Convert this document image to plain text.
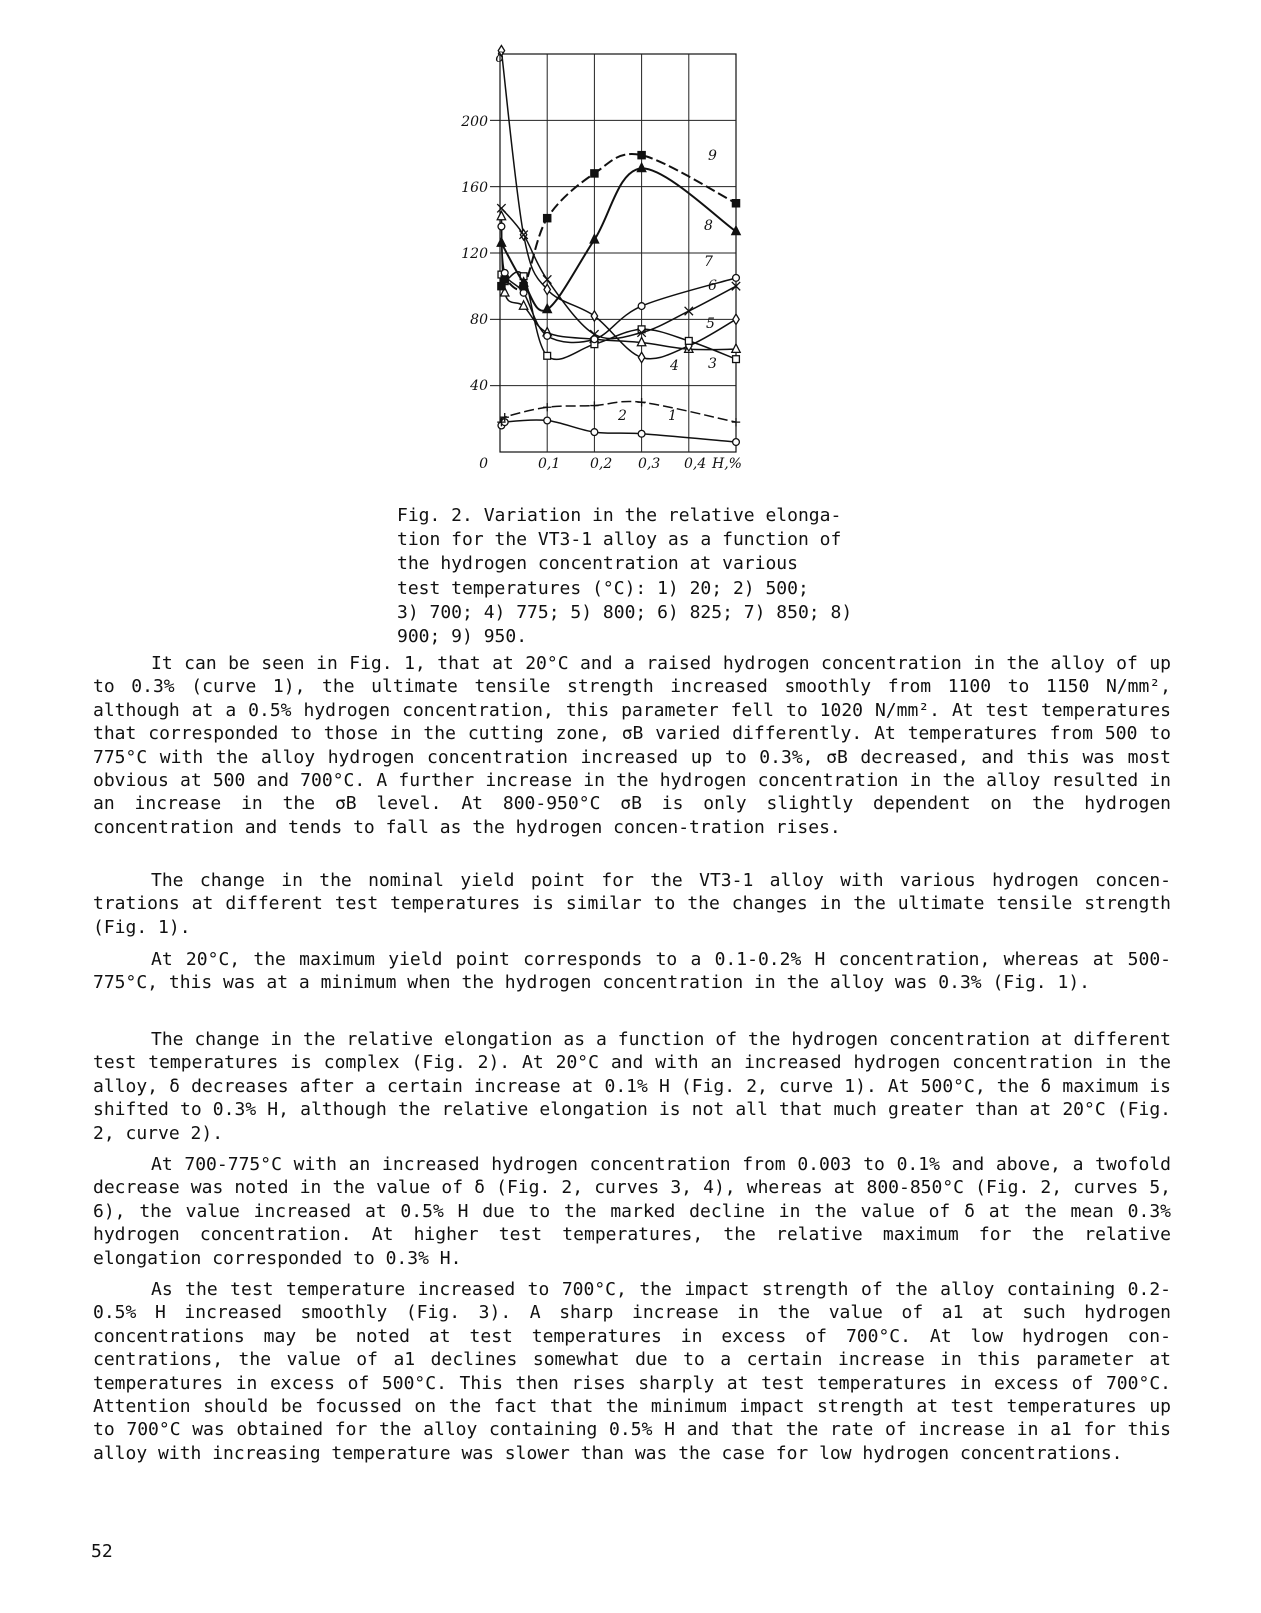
δ
200
160
120
80
40
0	0,1 0,2 0,3 0,4 H,%
1
2
3
4
5
6
7
8
9
Fig. 2. Variation in the relative elonga-
tion for the VT3-1 alloy as a function of
the hydrogen concentration at various
test temperatures (°C): 1) 20; 2) 500;
3) 700; 4) 775; 5) 800; 6) 825; 7) 850; 8)
900; 9) 950.

It can be seen in Fig. 1, that at 20°C and a raised hydrogen concentration in the alloy of up to 0.3% (curve 1), the ultimate tensile strength increased smoothly from 1100 to 1150 N/mm², although at a 0.5% hydrogen concentration, this parameter fell to 1020 N/mm². At test temperatures that corresponded to those in the cutting zone, σB varied differently. At temperatures from 500 to 775°C with the alloy hydrogen concentration increased up to 0.3%, σB decreased, and this was most obvious at 500 and 700°C. A further increase in the hydrogen concentration in the alloy resulted in an increase in the σB level. At 800-950°C σB is only slightly dependent on the hydrogen concentration and tends to fall as the hydrogen concen-tration rises.

The change in the nominal yield point for the VT3-1 alloy with various hydrogen concen-trations at different test temperatures is similar to the changes in the ultimate tensile strength (Fig. 1).

At 20°C, the maximum yield point corresponds to a 0.1-0.2% H concentration, whereas at 500-775°C, this was at a minimum when the hydrogen concentration in the alloy was 0.3% (Fig. 1).

The change in the relative elongation as a function of the hydrogen concentration at different test temperatures is complex (Fig. 2). At 20°C and with an increased hydrogen concentration in the alloy, δ decreases after a certain increase at 0.1% H (Fig. 2, curve 1). At 500°C, the δ maximum is shifted to 0.3% H, although the relative elongation is not all that much greater than at 20°C (Fig. 2, curve 2).

At 700-775°C with an increased hydrogen concentration from 0.003 to 0.1% and above, a twofold decrease was noted in the value of δ (Fig. 2, curves 3, 4), whereas at 800-850°C (Fig. 2, curves 5, 6), the value increased at 0.5% H due to the marked decline in the value of δ at the mean 0.3% hydrogen concentration. At higher test temperatures, the relative maximum for the relative elongation corresponded to 0.3% H.

As the test temperature increased to 700°C, the impact strength of the alloy containing 0.2-0.5% H increased smoothly (Fig. 3). A sharp increase in the value of a1 at such hydrogen concentrations may be noted at test temperatures in excess of 700°C. At low hydrogen con-centrations, the value of a1 declines somewhat due to a certain increase in this parameter at temperatures in excess of 500°C. This then rises sharply at test temperatures in excess of 700°C. Attention should be focussed on the fact that the minimum impact strength at test temperatures up to 700°C was obtained for the alloy containing 0.5% H and that the rate of increase in a1 for this alloy with increasing temperature was slower than was the case for low hydrogen concentrations.

52
